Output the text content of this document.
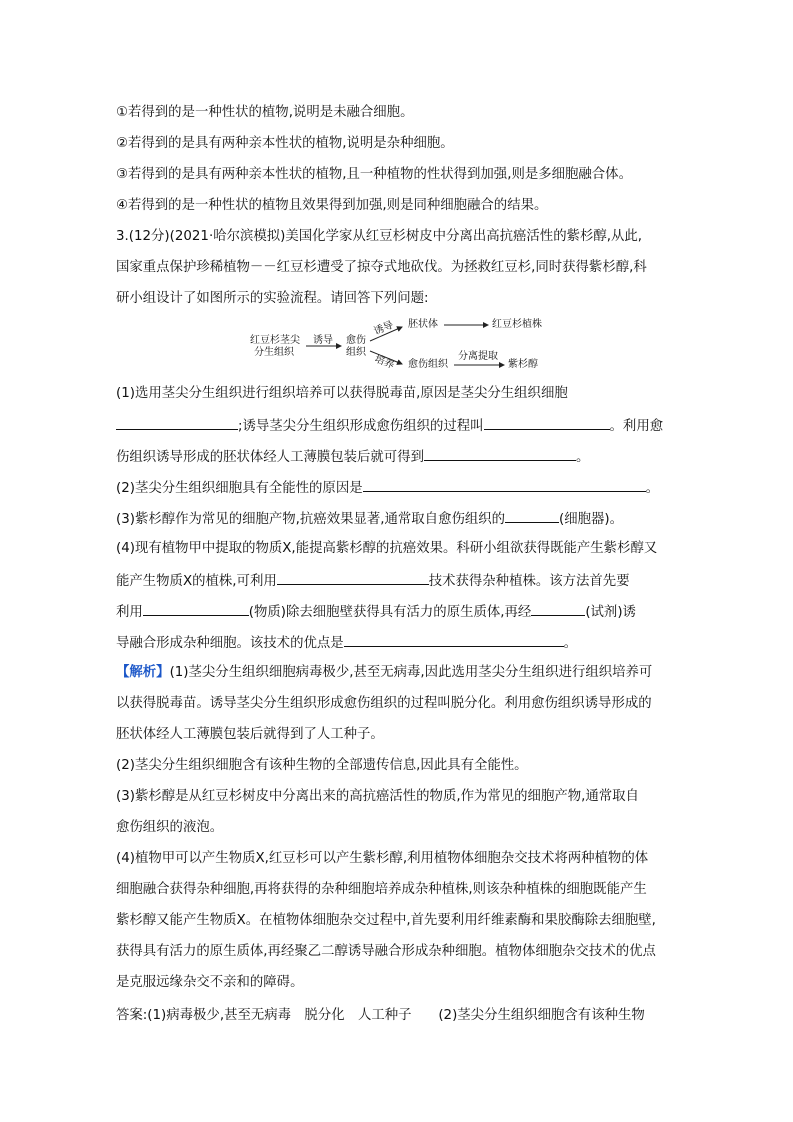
①若得到的是一种性状的植物,说明是未融合细胞。
②若得到的是具有两种亲本性状的植物,说明是杂种细胞。
③若得到的是具有两种亲本性状的植物,且一种植物的性状得到加强,则是多细胞融合体。
④若得到的是一种性状的植物且效果得到加强,则是同种细胞融合的结果。
3.(12分)(2021·哈尔滨模拟)美国化学家从红豆杉树皮中分离出高抗癌活性的紫杉醇,从此,
国家重点保护珍稀植物－－红豆杉遭受了掠夺式地砍伐。为拯救红豆杉,同时获得紫杉醇,科
研小组设计了如图所示的实验流程。请回答下列问题:
红豆杉茎尖
分生组织
诱导 愈伤
组织
诱导
培养
胚状体	红豆杉植株
愈伤组织
分离提取
紫杉醇
(1)选用茎尖分生组织进行组织培养可以获得脱毒苗,原因是茎尖分生组织细胞
;诱导茎尖分生组织形成愈伤组织的过程叫	。利用愈
伤组织诱导形成的胚状体经人工薄膜包装后就可得到	。
(2)茎尖分生组织细胞具有全能性的原因是	。
(3)紫杉醇作为常见的细胞产物,抗癌效果显著,通常取自愈伤组织的	(细胞器)。
(4)现有植物甲中提取的物质X,能提高紫杉醇的抗癌效果。科研小组欲获得既能产生紫杉醇又
能产生物质X的植株,可利用	技术获得杂种植株。该方法首先要
利用	(物质)除去细胞壁获得具有活力的原生质体,再经	(试剂)诱
导融合形成杂种细胞。该技术的优点是	。
【解析】(1)茎尖分生组织细胞病毒极少,甚至无病毒,因此选用茎尖分生组织进行组织培养可
以获得脱毒苗。诱导茎尖分生组织形成愈伤组织的过程叫脱分化。利用愈伤组织诱导形成的
胚状体经人工薄膜包装后就得到了人工种子。
(2)茎尖分生组织细胞含有该种生物的全部遗传信息,因此具有全能性。
(3)紫杉醇是从红豆杉树皮中分离出来的高抗癌活性的物质,作为常见的细胞产物,通常取自
愈伤组织的液泡。
(4)植物甲可以产生物质X,红豆杉可以产生紫杉醇,利用植物体细胞杂交技术将两种植物的体
细胞融合获得杂种细胞,再将获得的杂种细胞培养成杂种植株,则该杂种植株的细胞既能产生
紫杉醇又能产生物质X。在植物体细胞杂交过程中,首先要利用纤维素酶和果胶酶除去细胞壁,
获得具有活力的原生质体,再经聚乙二醇诱导融合形成杂种细胞。植物体细胞杂交技术的优点
是克服远缘杂交不亲和的障碍。
答案:(1)病毒极少,甚至无病毒　脱分化　人工种子　　(2)茎尖分生组织细胞含有该种生物
